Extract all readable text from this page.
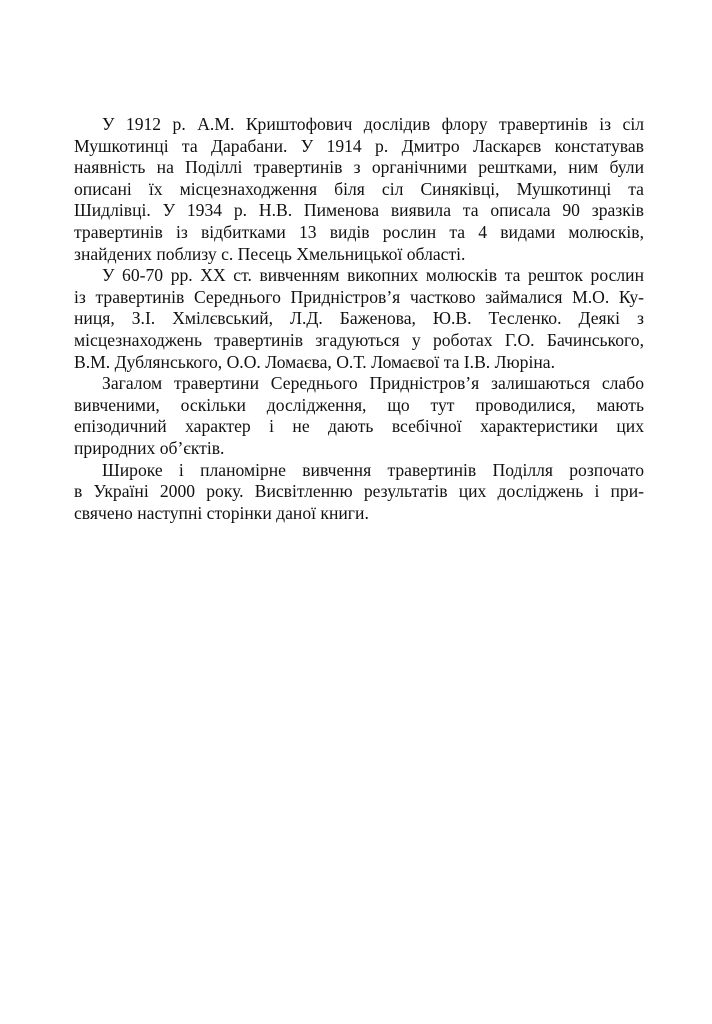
У 1912 р. А.М. Криштофович дослідив флору травертинів із сіл
Мушкотинці та Дарабани. У 1914 р. Дмитро Ласкарєв констатував
наявність на Поділлі травертинів з органічними рештками, ним були
описані їх місцезнаходження біля сіл Синяківці, Мушкотинці та
Шидлівці. У 1934 р. Н.В. Пименова виявила та описала 90 зразків
травертинів із відбитками 13 видів рослин та 4 видами молюсків,
знайдених поблизу с. Песець Хмельницької області.
У 60-70 рр. XX ст. вивченням викопних молюсків та решток рослин
із травертинів Середнього Придністров’я частково займалися М.О. Ку-
ниця, З.І. Хмілєвський, Л.Д. Баженова, Ю.В. Тесленко. Деякі з
місцезнаходжень травертинів згадуються у роботах Г.О. Бачинського,
В.М. Дублянського, О.О. Ломаєва, О.Т. Ломаєвої та І.В. Люріна.
Загалом травертини Середнього Придністров’я залишаються слабо
вивченими, оскільки дослідження, що тут проводилися, мають
епізодичний характер і не дають всебічної характеристики цих
природних об’єктів.
Широке і планомірне вивчення травертинів Поділля розпочато
в Україні 2000 року. Висвітленню результатів цих досліджень і при-
свячено наступні сторінки даної книги.
